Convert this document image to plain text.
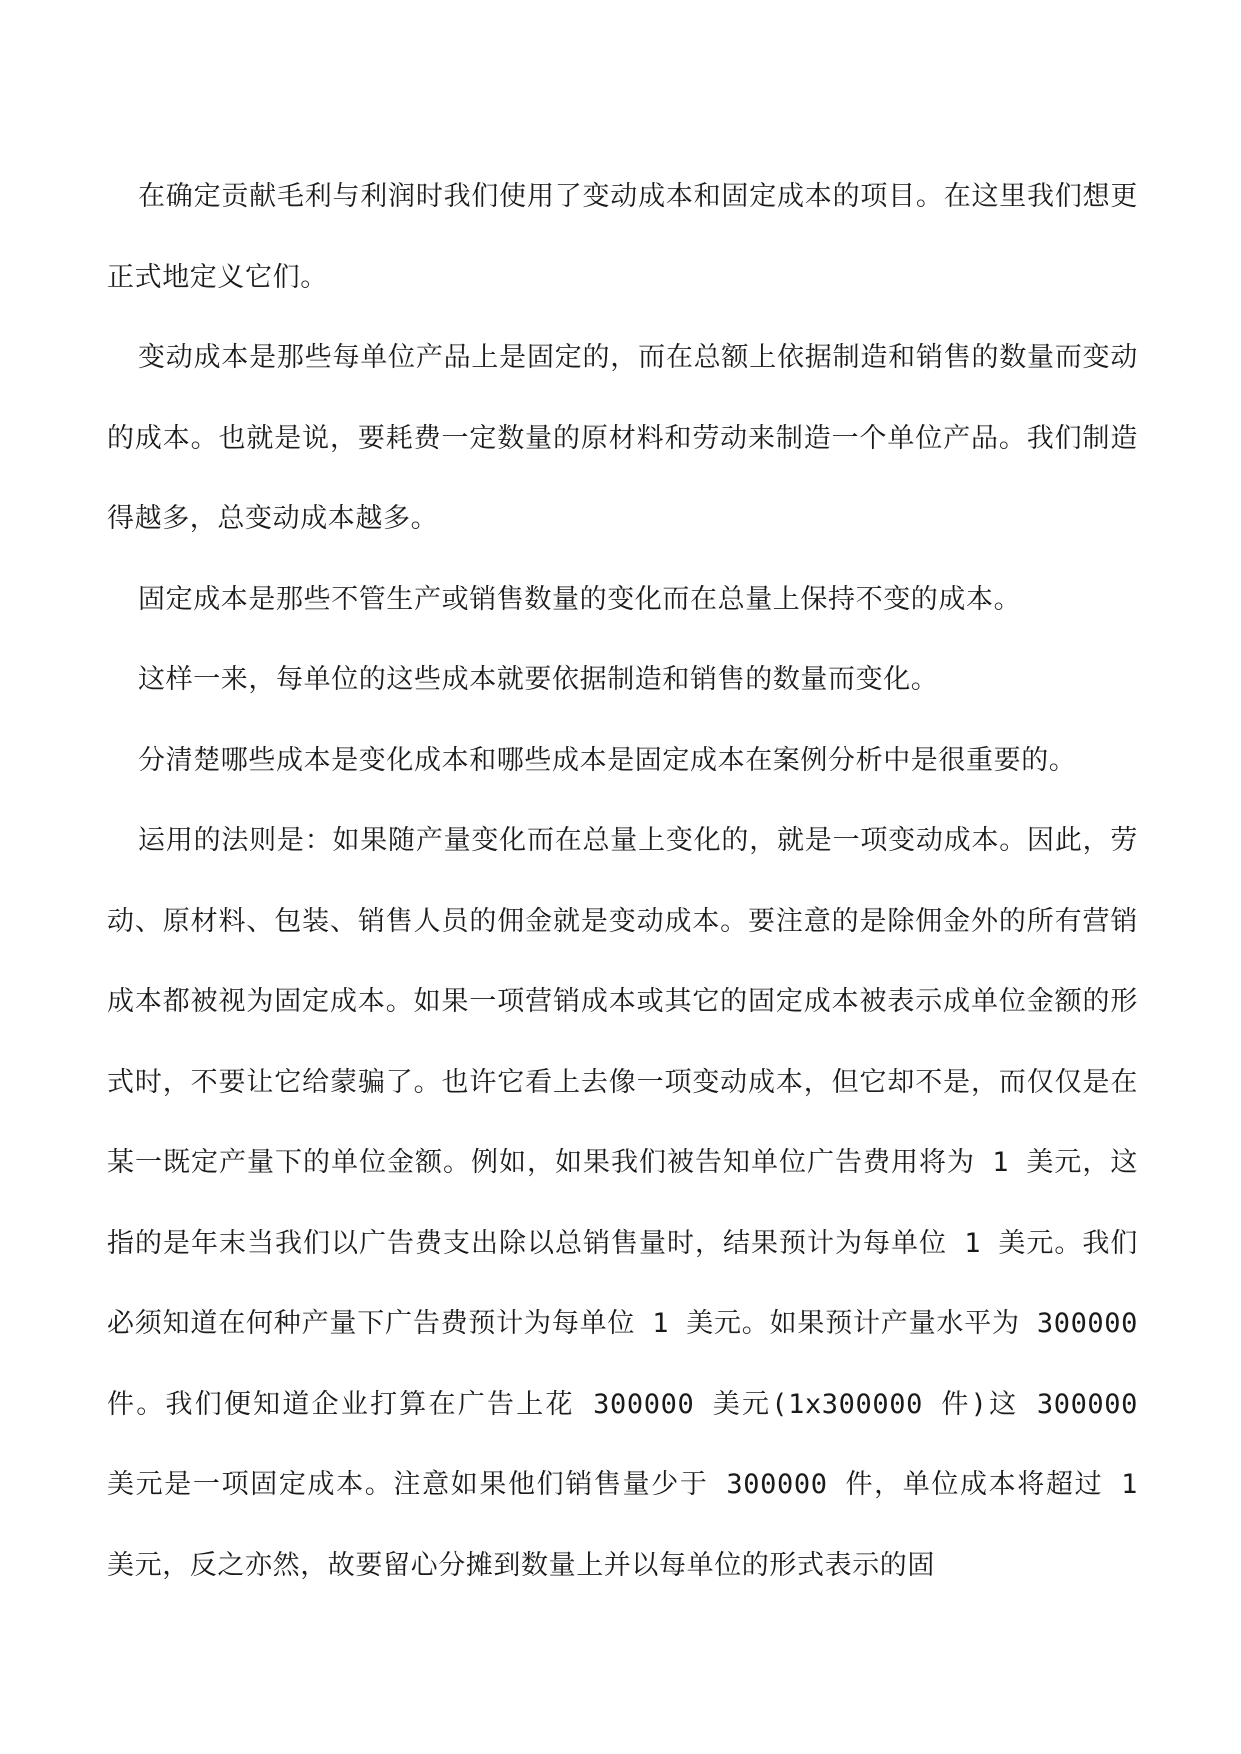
在确定贡献毛利与利润时我们使用了变动成本和固定成本的项目。在这里我们想更正式地定义它们。

变动成本是那些每单位产品上是固定的，而在总额上依据制造和销售的数量而变动的成本。也就是说，要耗费一定数量的原材料和劳动来制造一个单位产品。我们制造得越多，总变动成本越多。

固定成本是那些不管生产或销售数量的变化而在总量上保持不变的成本。

这样一来，每单位的这些成本就要依据制造和销售的数量而变化。

分清楚哪些成本是变化成本和哪些成本是固定成本在案例分析中是很重要的。

运用的法则是：如果随产量变化而在总量上变化的，就是一项变动成本。因此，劳动、原材料、包装、销售人员的佣金就是变动成本。要注意的是除佣金外的所有营销成本都被视为固定成本。如果一项营销成本或其它的固定成本被表示成单位金额的形式时，不要让它给蒙骗了。也许它看上去像一项变动成本，但它却不是，而仅仅是在某一既定产量下的单位金额。例如，如果我们被告知单位广告费用将为 1 美元，这指的是年末当我们以广告费支出除以总销售量时，结果预计为每单位 1 美元。我们必须知道在何种产量下广告费预计为每单位 1 美元。如果预计产量水平为 300000 件。我们便知道企业打算在广告上花 300000 美元(1x300000 件)这 300000 美元是一项固定成本。注意如果他们销售量少于 300000 件，单位成本将超过 1 美元，反之亦然，故要留心分摊到数量上并以每单位的形式表示的固
